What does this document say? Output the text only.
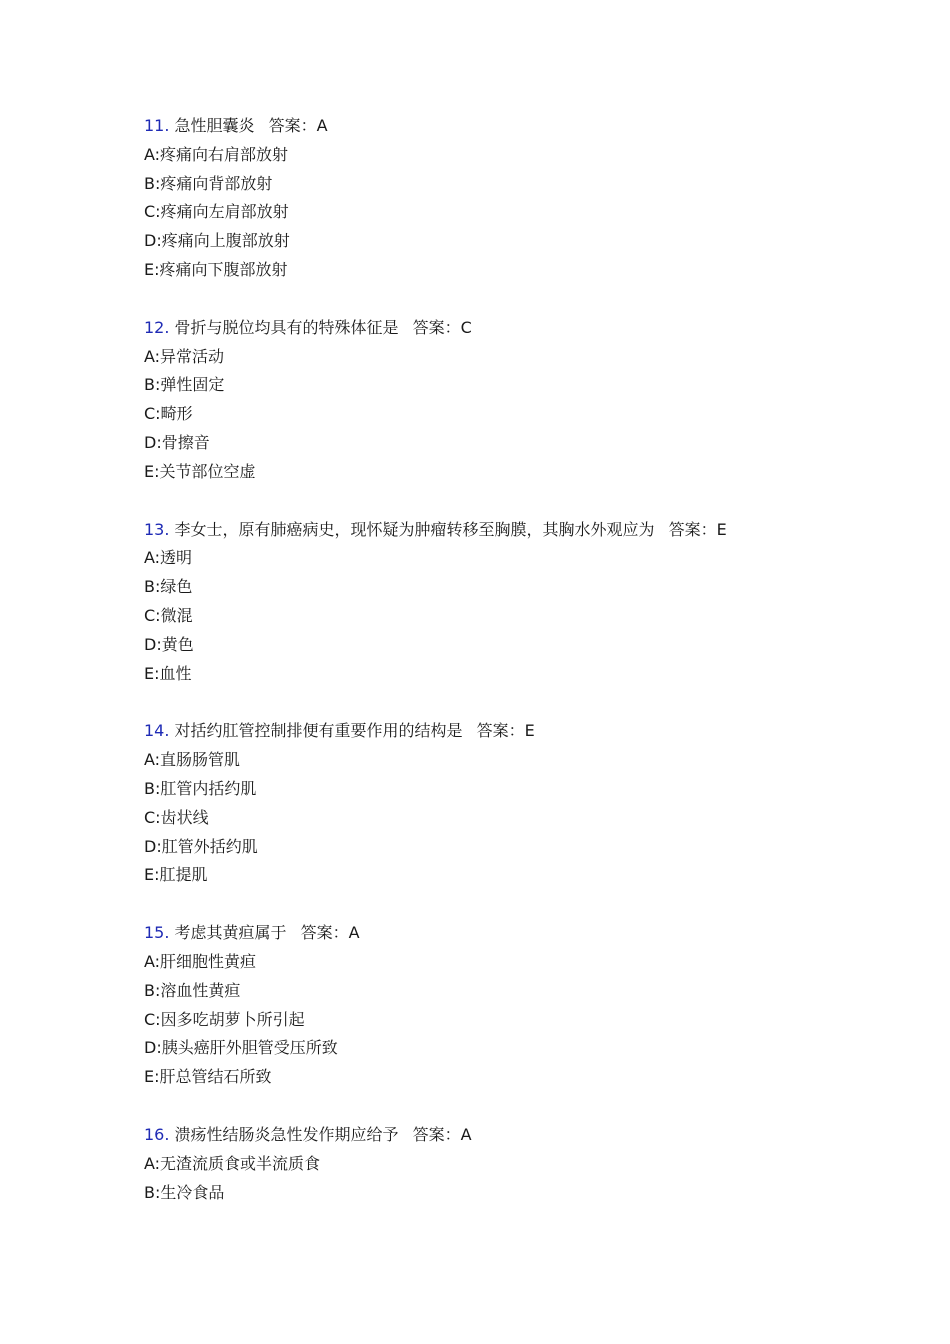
11. 急性胆囊炎 答案：A
A:疼痛向右肩部放射
B:疼痛向背部放射
C:疼痛向左肩部放射
D:疼痛向上腹部放射
E:疼痛向下腹部放射
12. 骨折与脱位均具有的特殊体征是 答案：C
A:异常活动
B:弹性固定
C:畸形
D:骨擦音
E:关节部位空虚
13. 李女士，原有肺癌病史，现怀疑为肿瘤转移至胸膜，其胸水外观应为 答案：E
A:透明
B:绿色
C:微混
D:黄色
E:血性
14. 对括约肛管控制排便有重要作用的结构是 答案：E
A:直肠肠管肌
B:肛管内括约肌
C:齿状线
D:肛管外括约肌
E:肛提肌
15. 考虑其黄疸属于 答案：A
A:肝细胞性黄疸
B:溶血性黄疸
C:因多吃胡萝卜所引起
D:胰头癌肝外胆管受压所致
E:肝总管结石所致
16. 溃疡性结肠炎急性发作期应给予 答案：A
A:无渣流质食或半流质食
B:生冷食品
